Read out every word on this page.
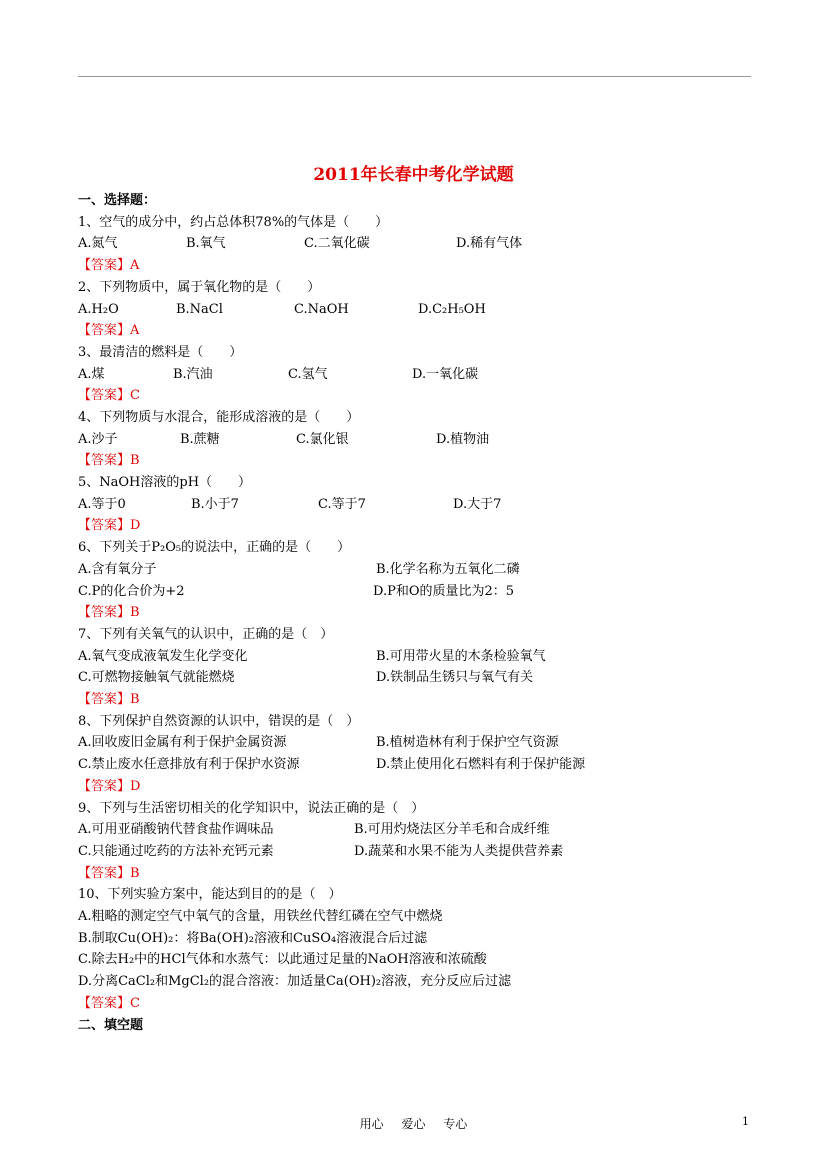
2011年长春中考化学试题
一、选择题：
1、空气的成分中，约占总体积78%的气体是（　　）
A.氮气	B.氧气	C.二氧化碳	D.稀有气体
【答案】A
2、下列物质中，属于氧化物的是（　　）
A.H₂O	B.NaCl	C.NaOH	D.C₂H₅OH
【答案】A
3、最清洁的燃料是（　　）
A.煤	B.汽油	C.氢气	D.一氧化碳
【答案】C
4、下列物质与水混合，能形成溶液的是（　　）
A.沙子	B.蔗糖	C.氯化银	D.植物油
【答案】B
5、NaOH溶液的pH（　　）
A.等于0	B.小于7	C.等于7	D.大于7
【答案】D
6、下列关于P₂O₅的说法中，正确的是（　　）
A.含有氧分子	B.化学名称为五氧化二磷
C.P的化合价为+2	D.P和O的质量比为2：5
【答案】B
7、下列有关氧气的认识中，正确的是（　）
A.氧气变成液氧发生化学变化	B.可用带火星的木条检验氧气
C.可燃物接触氧气就能燃烧	D.铁制品生锈只与氧气有关
【答案】B
8、下列保护自然资源的认识中，错误的是（　）
A.回收废旧金属有利于保护金属资源	B.植树造林有利于保护空气资源
C.禁止废水任意排放有利于保护水资源	D.禁止使用化石燃料有利于保护能源
【答案】D
9、下列与生活密切相关的化学知识中，说法正确的是（　）
A.可用亚硝酸钠代替食盐作调味品	B.可用灼烧法区分羊毛和合成纤维
C.只能通过吃药的方法补充钙元素	D.蔬菜和水果不能为人类提供营养素
【答案】B
10、下列实验方案中，能达到目的的是（　）
A.粗略的测定空气中氧气的含量，用铁丝代替红磷在空气中燃烧
B.制取Cu(OH)₂：将Ba(OH)₂溶液和CuSO₄溶液混合后过滤
C.除去H₂中的HCl气体和水蒸气：以此通过足量的NaOH溶液和浓硫酸
D.分离CaCl₂和MgCl₂的混合溶液：加适量Ca(OH)₂溶液，充分反应后过滤
【答案】C
二、填空题
用心 爱心 专心	1
